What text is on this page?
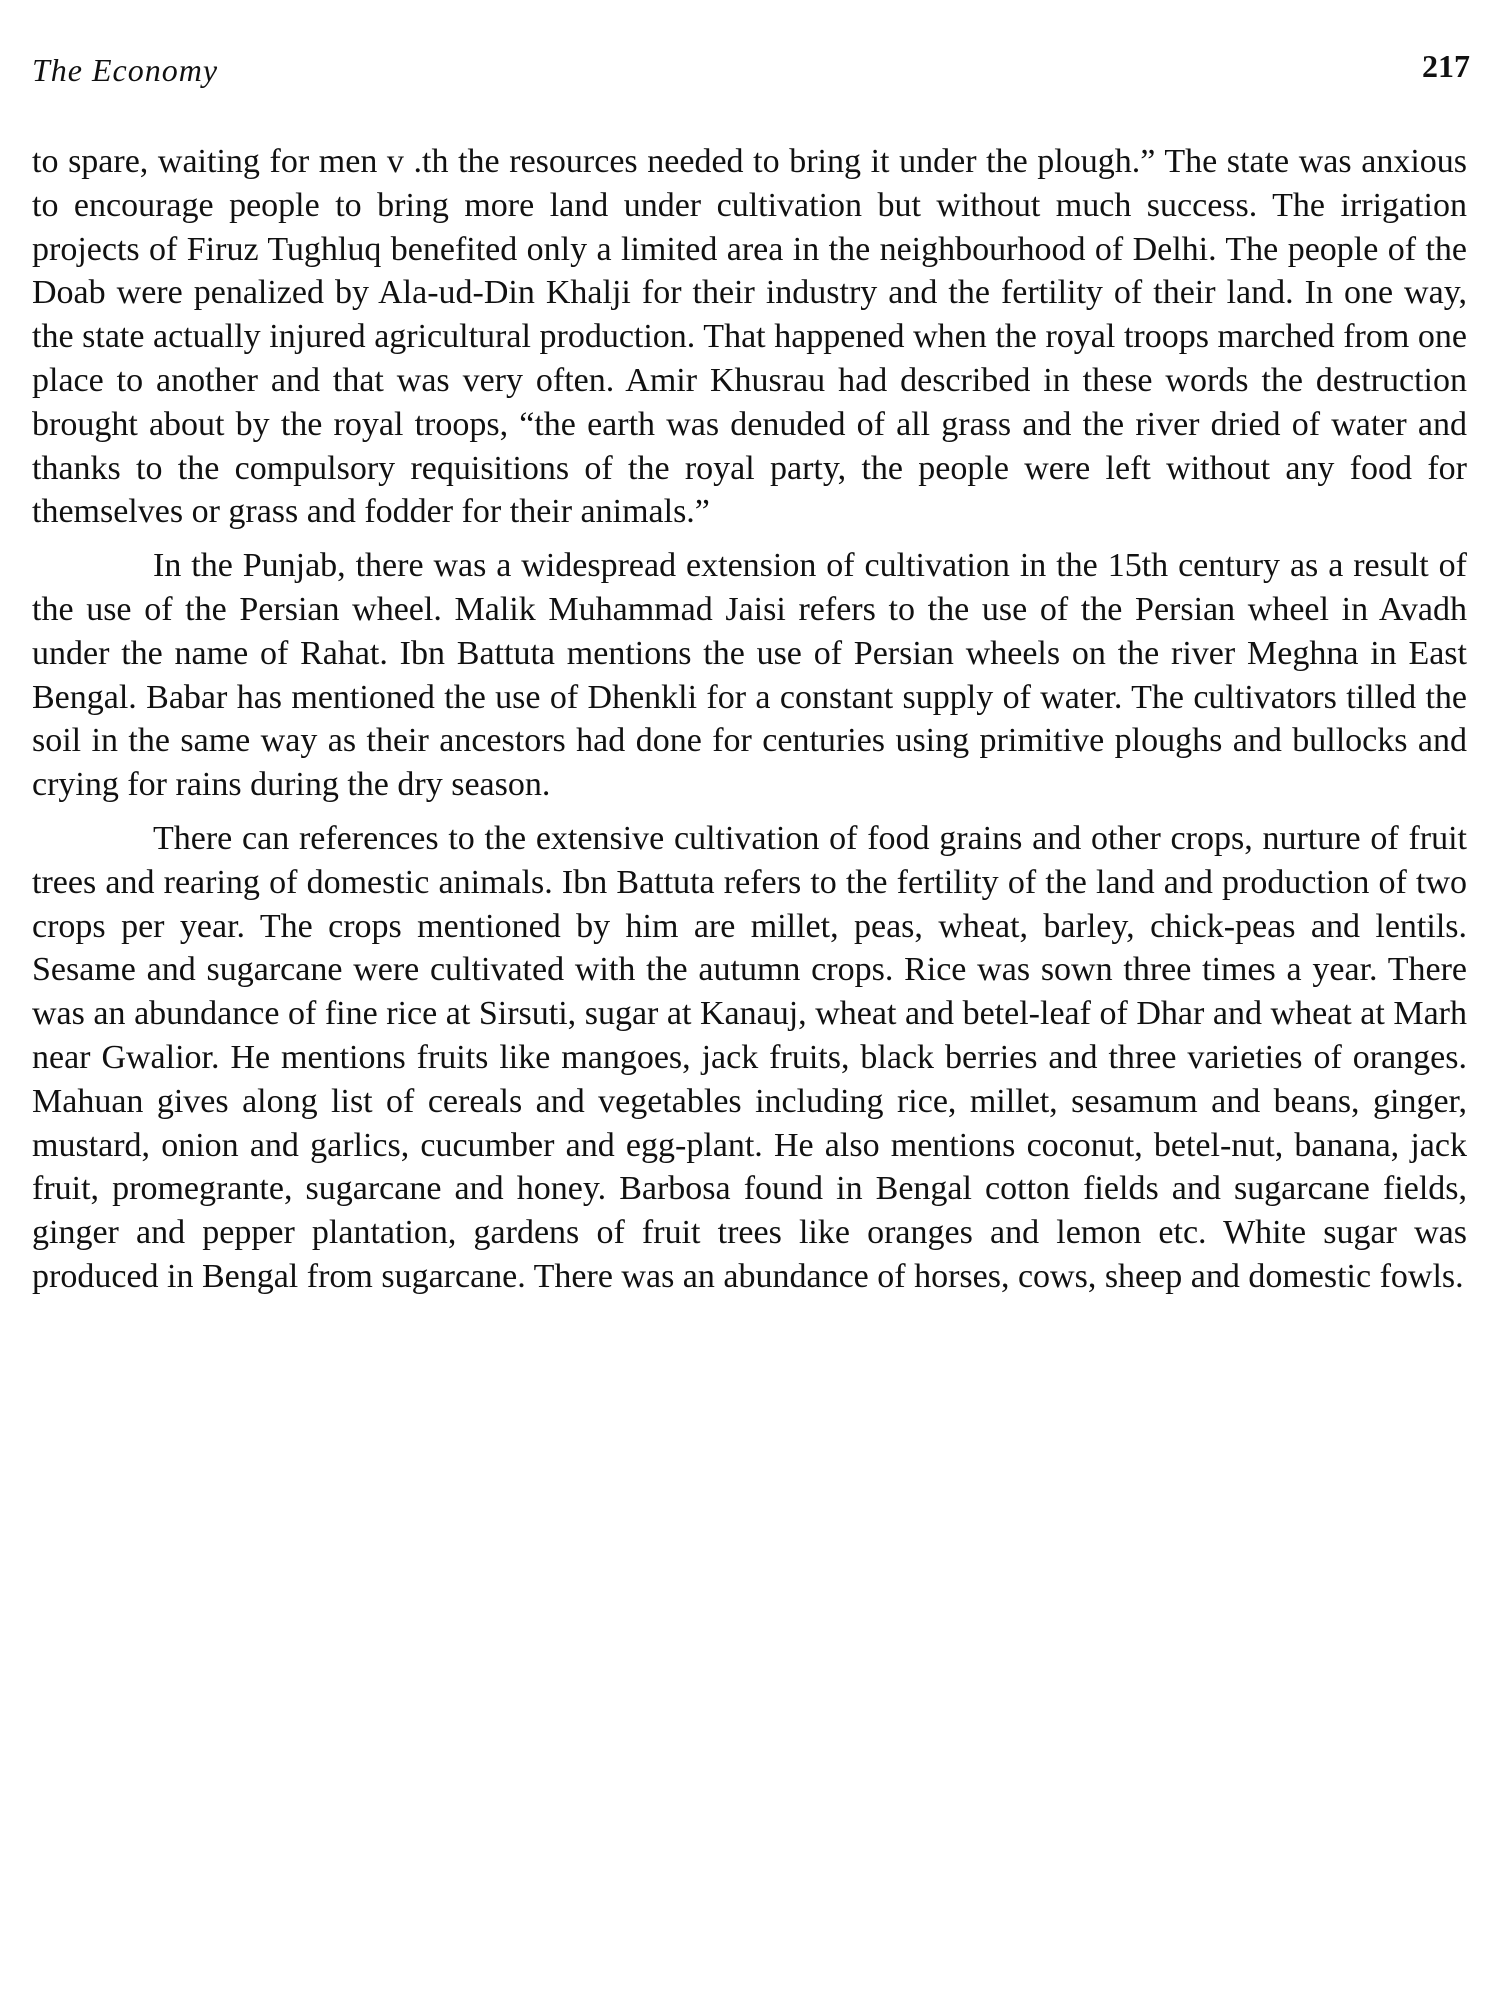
The Economy	217

to spare, waiting for men v .th the resources needed to bring it under the plough.” The state was anxious to encourage people to bring more land under cultivation but without much success. The irrigation projects of Firuz Tughluq benefited only a limited area in the neighbourhood of Delhi. The people of the Doab were penalized by Ala-ud-Din Khalji for their industry and the fertility of their land. In one way, the state actually injured agricultural production. That happened when the royal troops marched from one place to another and that was very often. Amir Khusrau had described in these words the destruction brought about by the royal troops, “the earth was denuded of all grass and the river dried of water and thanks to the compulsory requisitions of the royal party, the people were left without any food for themselves or grass and fodder for their animals.”

In the Punjab, there was a widespread extension of cultivation in the 15th century as a result of the use of the Persian wheel. Malik Muhammad Jaisi refers to the use of the Persian wheel in Avadh under the name of Rahat. Ibn Battuta mentions the use of Persian wheels on the river Meghna in East Bengal. Babar has mentioned the use of Dhenkli for a constant supply of water. The cultivators tilled the soil in the same way as their ancestors had done for centuries using primitive ploughs and bullocks and crying for rains during the dry season.

There can references to the extensive cultivation of food grains and other crops, nurture of fruit trees and rearing of domestic animals. Ibn Battuta refers to the fertility of the land and production of two crops per year. The crops mentioned by him are millet, peas, wheat, barley, chick-peas and lentils. Sesame and sugarcane were cultivated with the autumn crops. Rice was sown three times a year. There was an abundance of fine rice at Sirsuti, sugar at Kanauj, wheat and betel-leaf of Dhar and wheat at Marh near Gwalior. He mentions fruits like mangoes, jack fruits, black berries and three varieties of oranges. Mahuan gives along list of cereals and vegetables including rice, millet, sesamum and beans, ginger, mustard, onion and garlics, cucumber and egg-plant. He also mentions coconut, betel-nut, banana, jack fruit, promegrante, sugarcane and honey. Barbosa found in Bengal cotton fields and sugarcane fields, ginger and pepper plantation, gardens of fruit trees like oranges and lemon etc. White sugar was produced in Bengal from sugarcane. There was an abundance of horses, cows, sheep and domestic fowls.
